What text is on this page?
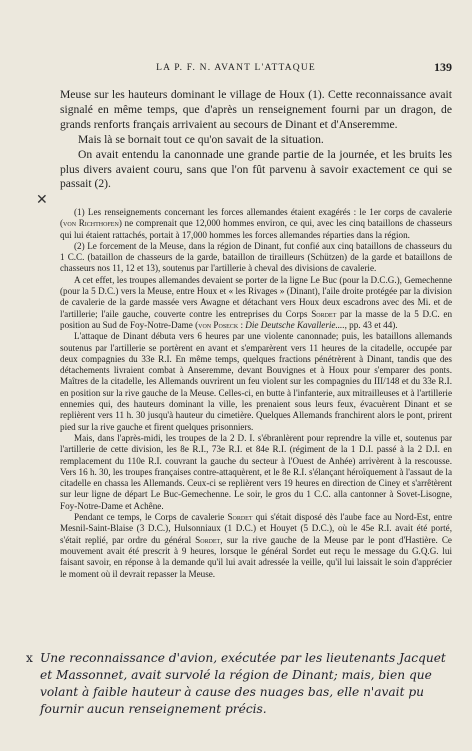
LA P. F. N. AVANT L'ATTAQUE	139

Meuse sur les hauteurs dominant le village de Houx (1). Cette reconnaissance avait signalé en même temps, que d'après un renseignement fourni par un dragon, de grands renforts français arrivaient au secours de Dinant et d'Anseremme.

Mais là se bornait tout ce qu'on savait de la situation.

On avait entendu la canonnade une grande partie de la journée, et les bruits les plus divers avaient couru, sans que l'on fût parvenu à savoir exactement ce qui se passait (2).

✕

(1) Les renseignements concernant les forces allemandes étaient exagérés : le 1er corps de cavalerie (von Richthofen) ne comprenait que 12,000 hommes environ, ce qui, avec les cinq bataillons de chasseurs qui lui étaient rattachés, portait à 17,000 hommes les forces allemandes réparties dans la région.

(2) Le forcement de la Meuse, dans la région de Dinant, fut confié aux cinq bataillons de chasseurs du 1 C.C. (bataillon de chasseurs de la garde, bataillon de tirailleurs (Schützen) de la garde et bataillons de chasseurs nos 11, 12 et 13), soutenus par l'artillerie à cheval des divisions de cavalerie.

A cet effet, les troupes allemandes devaient se porter de la ligne Le Buc (pour la D.C.G.), Gemechenne (pour la 5 D.C.) vers la Meuse, entre Houx et « les Rivages » (Dinant), l'aile droite protégée par la division de cavalerie de la garde massée vers Awagne et détachant vers Houx deux escadrons avec des Mi. et de l'artillerie; l'aile gauche, couverte contre les entreprises du Corps Sordet par la masse de la 5 D.C. en position au Sud de Foy-Notre-Dame (von Poseck : Die Deutsche Kavallerie...., pp. 43 et 44).

L'attaque de Dinant débuta vers 6 heures par une violente canonnade; puis, les bataillons allemands soutenus par l'artillerie se portèrent en avant et s'emparèrent vers 11 heures de la citadelle, occupée par deux compagnies du 33e R.I. En même temps, quelques fractions pénétrèrent à Dinant, tandis que des détachements livraient combat à Anseremme, devant Bouvignes et à Houx pour s'emparer des ponts. Maîtres de la citadelle, les Allemands ouvrirent un feu violent sur les compagnies du III/148 et du 33e R.I. en position sur la rive gauche de la Meuse. Celles-ci, en butte à l'infanterie, aux mitrailleuses et à l'artillerie ennemies qui, des hauteurs dominant la ville, les prenaient sous leurs feux, évacuèrent Dinant et se replièrent vers 11 h. 30 jusqu'à hauteur du cimetière. Quelques Allemands franchirent alors le pont, prirent pied sur la rive gauche et firent quelques prisonniers.

Mais, dans l'après-midi, les troupes de la 2 D. I. s'ébranlèrent pour reprendre la ville et, soutenus par l'artillerie de cette division, les 8e R.I., 73e R.I. et 84e R.I. (régiment de la 1 D.I. passé à la 2 D.I. en remplacement du 110e R.I. couvrant la gauche du secteur à l'Ouest de Anhée) arrivèrent à la rescousse. Vers 16 h. 30, les troupes françaises contre-attaquèrent, et le 8e R.I. s'élançant héroïquement à l'assaut de la citadelle en chassa les Allemands. Ceux-ci se replièrent vers 19 heures en direction de Ciney et s'arrêtèrent sur leur ligne de départ Le Buc-Gemechenne. Le soir, le gros du 1 C.C. alla cantonner à Sovet-Lisogne, Foy-Notre-Dame et Achêne.

Pendant ce temps, le Corps de cavalerie Sordet qui s'était disposé dès l'aube face au Nord-Est, entre Mesnil-Saint-Blaise (3 D.C.), Hulsonniaux (1 D.C.) et Houyet (5 D.C.), où le 45e R.I. avait été porté, s'était replié, par ordre du général Sordet, sur la rive gauche de la Meuse par le pont d'Hastière. Ce mouvement avait été prescrit à 9 heures, lorsque le général Sordet eut reçu le message du G.Q.G. lui faisant savoir, en réponse à la demande qu'il lui avait adressée la veille, qu'il lui laissait le soin d'apprécier le moment où il devrait repasser la Meuse.

x Une reconnaissance d'avion, exécutée par les lieutenants Jacquet et Massonnet, avait survolé la région de Dinant; mais, bien que volant à faible hauteur à cause des nuages bas, elle n'avait pu fournir aucun renseignement précis.
